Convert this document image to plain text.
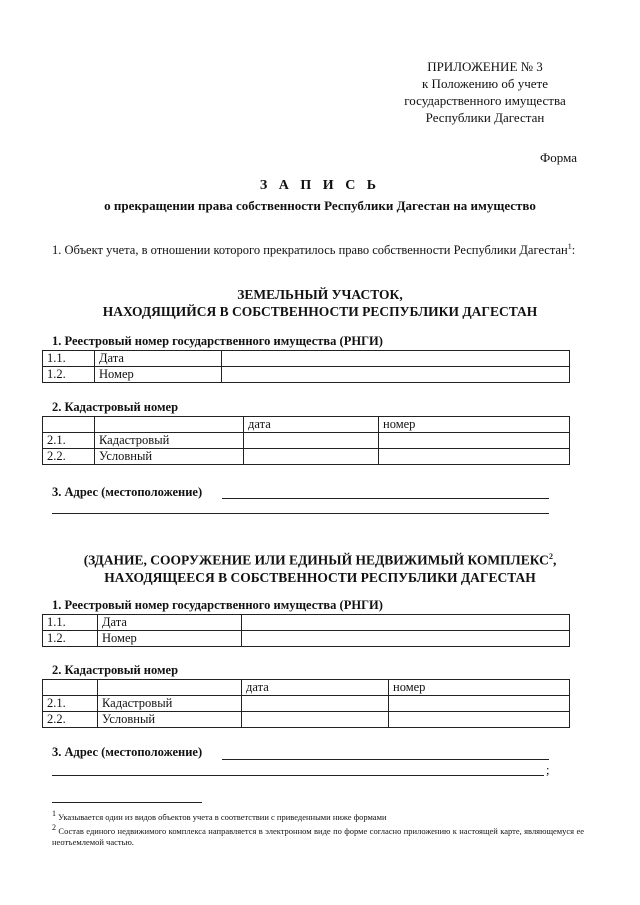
ПРИЛОЖЕНИЕ № 3
к Положению об учете
государственного имущества
Республики Дагестан
Форма
З А П И С Ь
о прекращении права собственности Республики Дагестан на имущество
1. Объект учета, в отношении которого прекратилось право собственности Республики Дагестан$^1$:
ЗЕМЕЛЬНЫЙ УЧАСТОК,
НАХОДЯЩИЙСЯ В СОБСТВЕННОСТИ РЕСПУБЛИКИ ДАГЕСТАН
1. Реестровый номер государственного имущества (РНГИ)
1.1.	Дата	
1.2.	Номер	
2. Кадастровый номер
		дата	номер
2.1.	Кадастровый		
2.2.	Условный		
3. Адрес (местоположение)
(ЗДАНИЕ, СООРУЖЕНИЕ ИЛИ ЕДИНЫЙ НЕДВИЖИМЫЙ КОМПЛЕКС$^2$,
НАХОДЯЩЕЕСЯ В СОБСТВЕННОСТИ РЕСПУБЛИКИ ДАГЕСТАН
1. Реестровый номер государственного имущества (РНГИ)
1.1.	Дата	
1.2.	Номер	
2. Кадастровый номер
		дата	номер
2.1.	Кадастровый		
2.2.	Условный		
3. Адрес (местоположение)
;
$^1$ Указывается один из видов объектов учета в соответствии с приведенными ниже формами
$^2$ Состав единого недвижимого комплекса направляется в электронном виде по форме согласно приложению к настоящей карте, являющемуся ее неотъемлемой частью.
